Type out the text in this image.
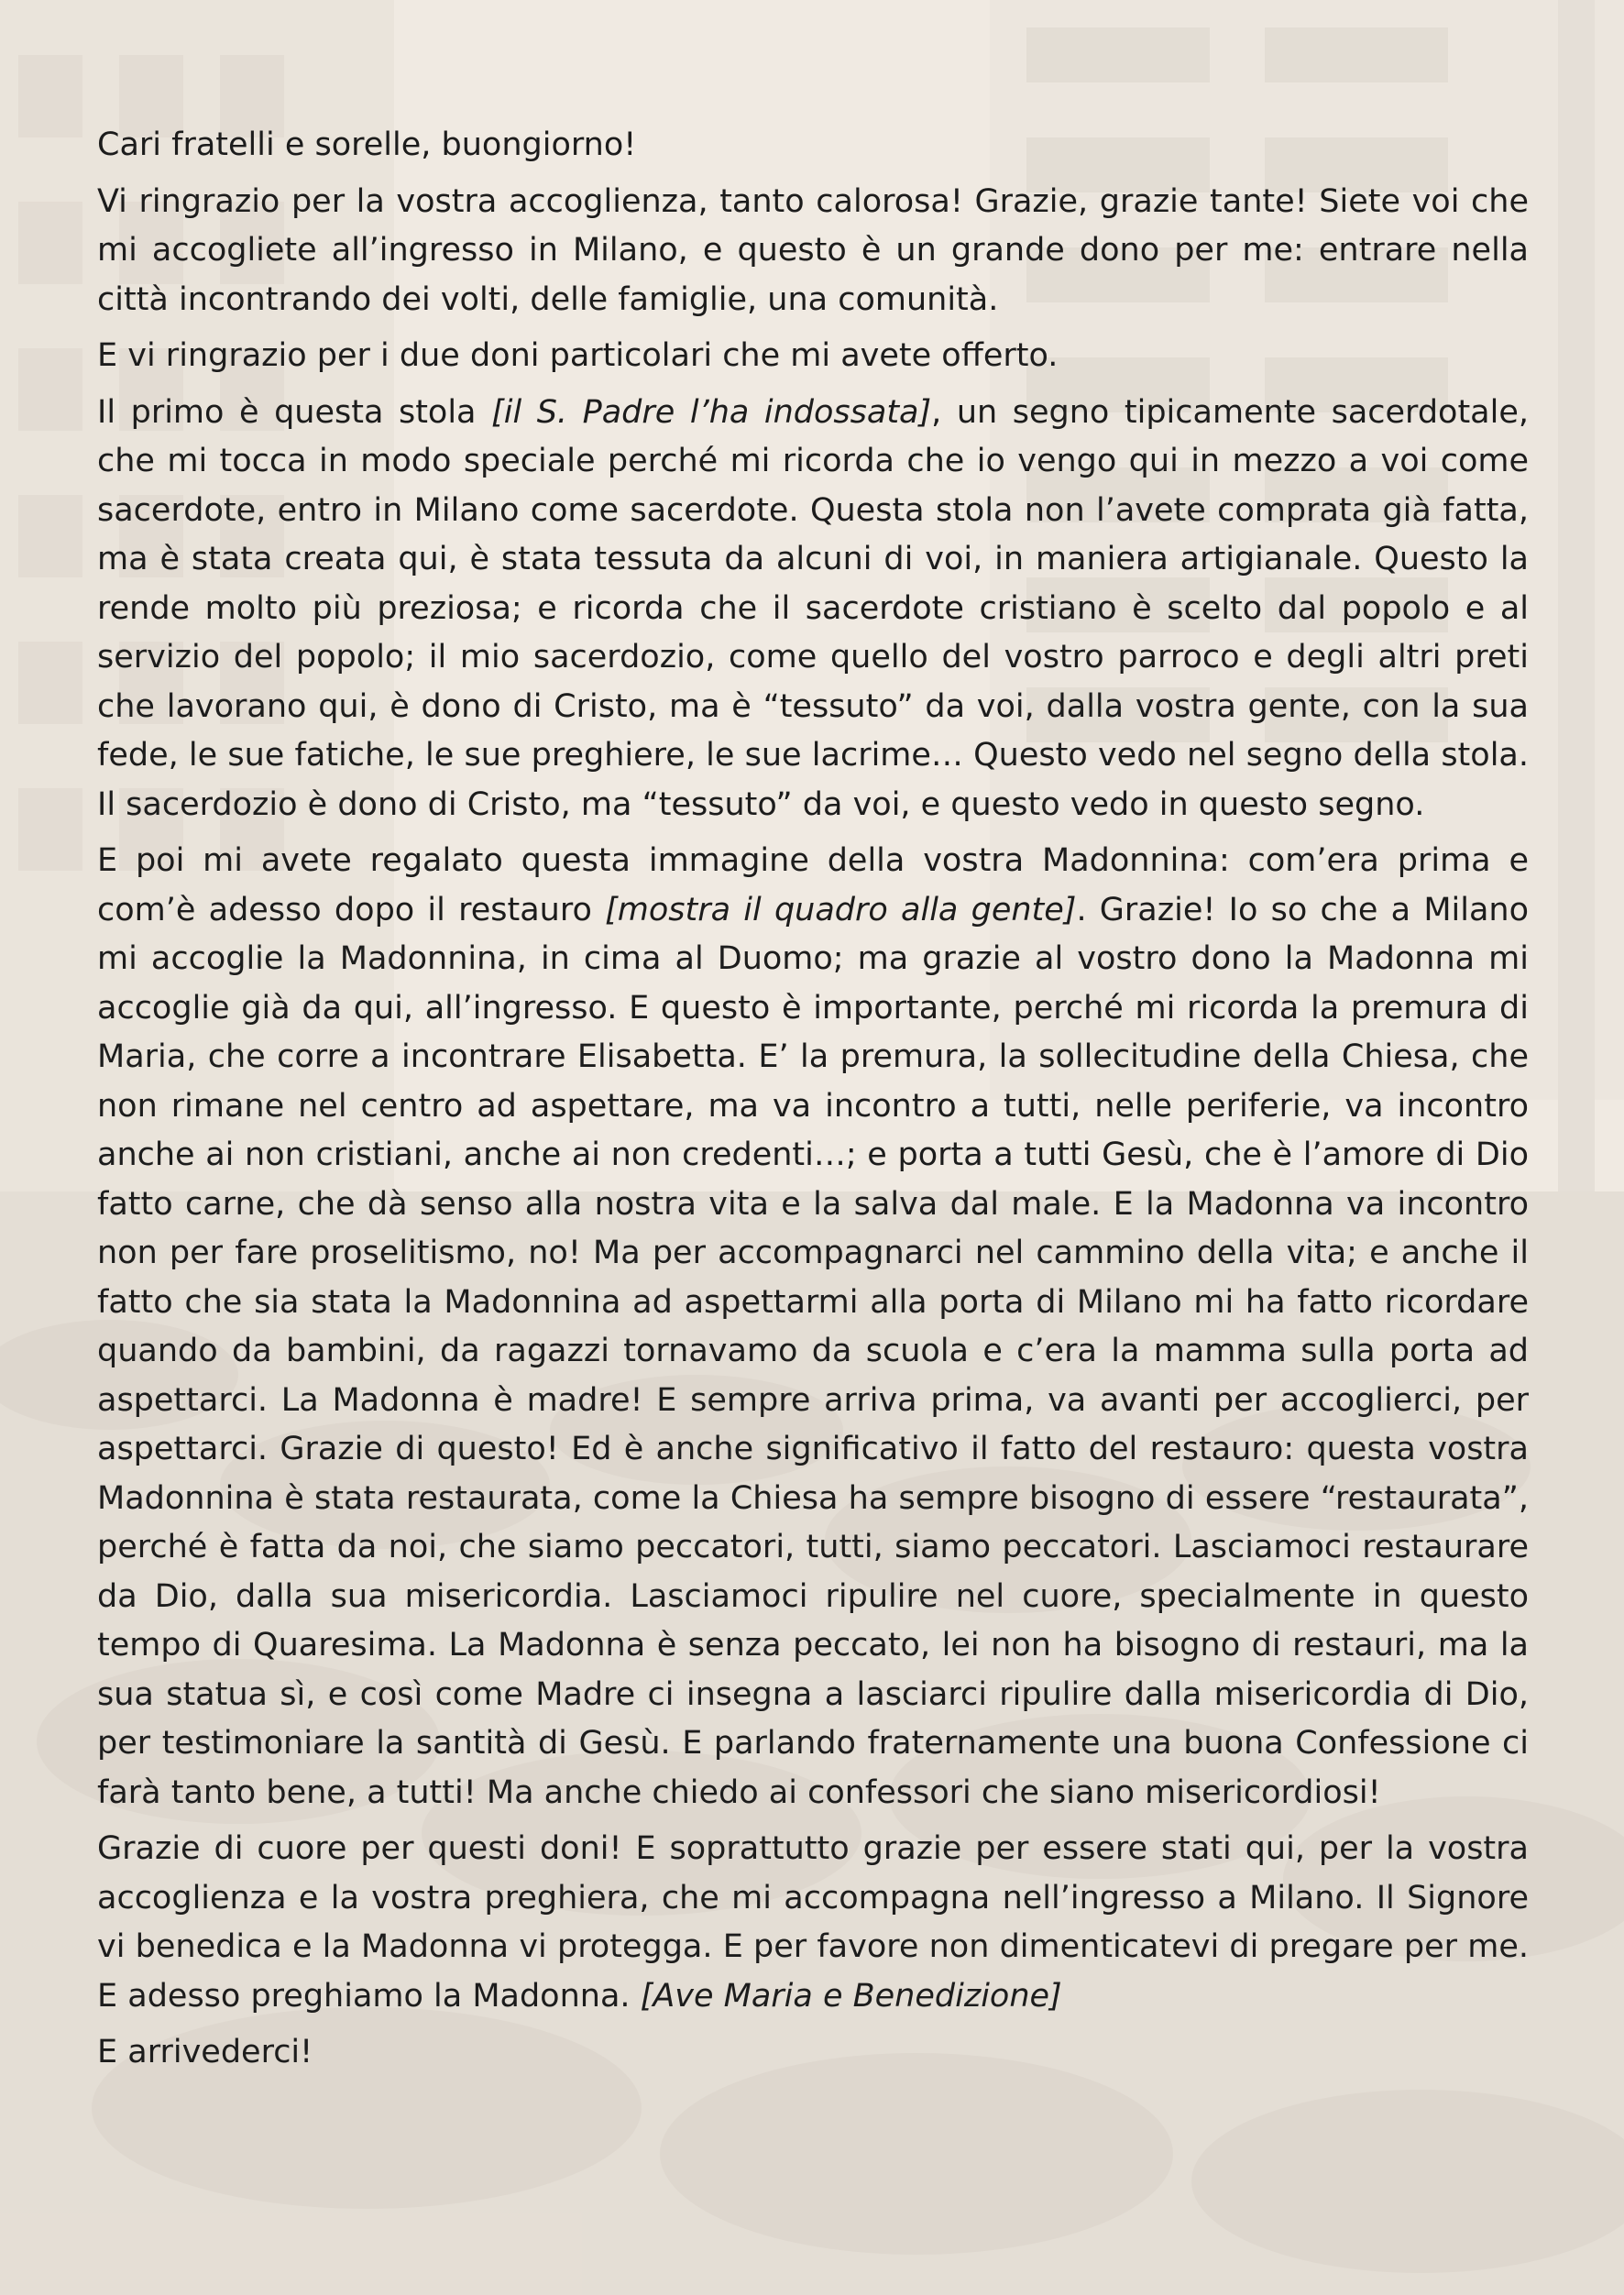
Cari fratelli e sorelle, buongiorno!

Vi ringrazio per la vostra accoglienza, tanto calorosa! Grazie, grazie tante! Siete voi che mi accogliete all’ingresso in Milano, e questo è un grande dono per me: entrare nella città incontrando dei volti, delle famiglie, una comunità.

E vi ringrazio per i due doni particolari che mi avete offerto.

Il primo è questa stola [il S. Padre l’ha indossata], un segno tipicamente sacerdotale, che mi tocca in modo speciale perché mi ricorda che io vengo qui in mezzo a voi come sacerdote, entro in Milano come sacerdote. Questa stola non l’avete comprata già fatta, ma è stata creata qui, è stata tessuta da alcuni di voi, in maniera artigianale. Questo la rende molto più preziosa; e ricorda che il sacerdote cristiano è scelto dal popolo e al servizio del popolo; il mio sacerdozio, come quello del vostro parroco e degli altri preti che lavorano qui, è dono di Cristo, ma è “tessuto” da voi, dalla vostra gente, con la sua fede, le sue fatiche, le sue preghiere, le sue lacrime… Questo vedo nel segno della stola. Il sacerdozio è dono di Cristo, ma “tessuto” da voi, e questo vedo in questo segno.

E poi mi avete regalato questa immagine della vostra Madonnina: com’era prima e com’è adesso dopo il restauro [mostra il quadro alla gente]. Grazie! Io so che a Milano mi accoglie la Madonnina, in cima al Duomo; ma grazie al vostro dono la Madonna mi accoglie già da qui, all’ingresso. E questo è importante, perché mi ricorda la premura di Maria, che corre a incontrare Elisabetta. E’ la premura, la sollecitudine della Chiesa, che non rimane nel centro ad aspettare, ma va incontro a tutti, nelle periferie, va incontro anche ai non cristiani, anche ai non credenti…; e porta a tutti Gesù, che è l’amore di Dio fatto carne, che dà senso alla nostra vita e la salva dal male. E la Madonna va incontro non per fare proselitismo, no! Ma per accompagnarci nel cammino della vita; e anche il fatto che sia stata la Madonnina ad aspettarmi alla porta di Milano mi ha fatto ricordare quando da bambini, da ragazzi tornavamo da scuola e c’era la mamma sulla porta ad aspettarci. La Madonna è madre! E sempre arriva prima, va avanti per accoglierci, per aspettarci. Grazie di questo! Ed è anche significativo il fatto del restauro: questa vostra Madonnina è stata restaurata, come la Chiesa ha sempre bisogno di essere “restaurata”, perché è fatta da noi, che siamo peccatori, tutti, siamo peccatori. Lasciamoci restaurare da Dio, dalla sua misericordia. Lasciamoci ripulire nel cuore, specialmente in questo tempo di Quaresima. La Madonna è senza peccato, lei non ha bisogno di restauri, ma la sua statua sì, e così come Madre ci insegna a lasciarci ripulire dalla misericordia di Dio, per testimoniare la santità di Gesù. E parlando fraternamente una buona Confessione ci farà tanto bene, a tutti! Ma anche chiedo ai confessori che siano misericordiosi!

Grazie di cuore per questi doni! E soprattutto grazie per essere stati qui, per la vostra accoglienza e la vostra preghiera, che mi accompagna nell’ingresso a Milano. Il Signore vi benedica e la Madonna vi protegga. E per favore non dimenticatevi di pregare per me. E adesso preghiamo la Madonna. [Ave Maria e Benedizione]

E arrivederci!
